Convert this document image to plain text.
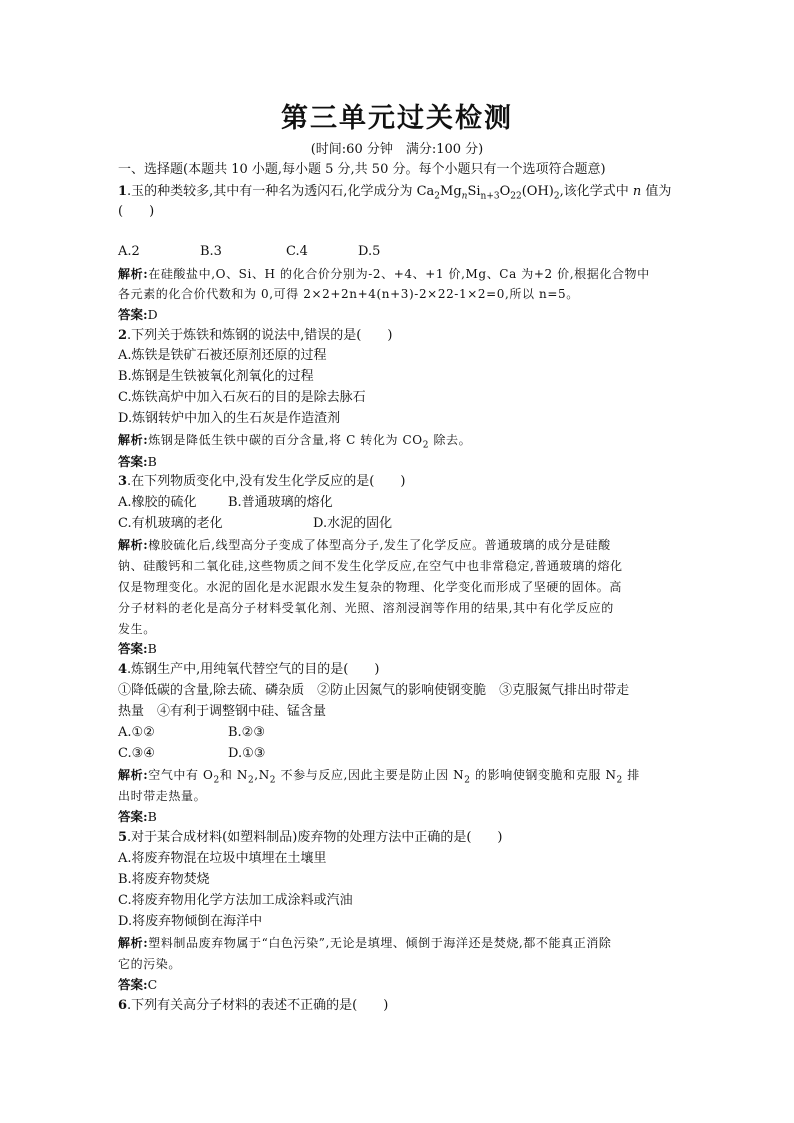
第三单元过关检测
(时间:60 分钟　满分:100 分)
一、选择题(本题共 10 小题,每小题 5 分,共 50 分。每个小题只有一个选项符合题意)
1.玉的种类较多,其中有一种名为透闪石,化学成分为 $Ca_2Mg_nSi_{n+3}O_{22}(OH)_2$,该化学式中 n 值为
(　　)
A.2	B.3	C.4	D.5
解析:在硅酸盐中,O、Si、H 的化合价分别为-2、+4、+1 价,Mg、Ca 为+2 价,根据化合物中
各元素的化合价代数和为 0,可得 2×2+2n+4(n+3)-2×22-1×2=0,所以 n=5。
答案:D
2.下列关于炼铁和炼钢的说法中,错误的是(　　)
A.炼铁是铁矿石被还原剂还原的过程
B.炼钢是生铁被氧化剂氧化的过程
C.炼铁高炉中加入石灰石的目的是除去脉石
D.炼钢转炉中加入的生石灰是作造渣剂
解析:炼钢是降低生铁中碳的百分含量,将 C 转化为 $CO_2$ 除去。
答案:B
3.在下列物质变化中,没有发生化学反应的是(　　)
A.橡胶的硫化 B.普通玻璃的熔化
C.有机玻璃的老化	D.水泥的固化
解析:橡胶硫化后,线型高分子变成了体型高分子,发生了化学反应。普通玻璃的成分是硅酸
钠、硅酸钙和二氧化硅,这些物质之间不发生化学反应,在空气中也非常稳定,普通玻璃的熔化
仅是物理变化。水泥的固化是水泥跟水发生复杂的物理、化学变化而形成了坚硬的固体。高
分子材料的老化是高分子材料受氧化剂、光照、溶剂浸润等作用的结果,其中有化学反应的
发生。
答案:B
4.炼钢生产中,用纯氧代替空气的目的是(　　)
①降低碳的含量,除去硫、磷杂质　②防止因氮气的影响使钢变脆　③克服氮气排出时带走
热量　④有利于调整钢中硅、锰含量
A.①②	B.②③
C.③④	D.①③
解析:空气中有 $O_2$和 $N_2,N_2$ 不参与反应,因此主要是防止因 $N_2$ 的影响使钢变脆和克服 $N_2$ 排
出时带走热量。
答案:B
5.对于某合成材料(如塑料制品)废弃物的处理方法中正确的是(　　)
A.将废弃物混在垃圾中填埋在土壤里
B.将废弃物焚烧
C.将废弃物用化学方法加工成涂料或汽油
D.将废弃物倾倒在海洋中
解析:塑料制品废弃物属于“白色污染”,无论是填埋、倾倒于海洋还是焚烧,都不能真正消除
它的污染。
答案:C
6.下列有关高分子材料的表述不正确的是(　　)
